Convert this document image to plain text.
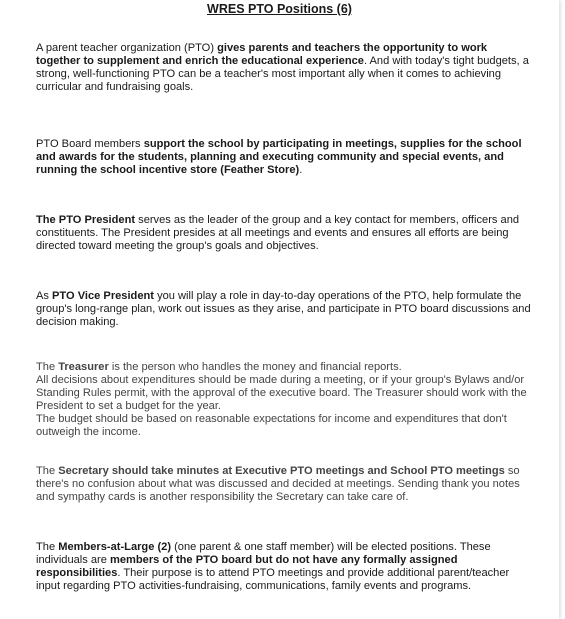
WRES PTO Positions (6)

A parent teacher organization (PTO) gives parents and teachers the opportunity to work together to supplement and enrich the educational experience. And with today's tight budgets, a strong, well-functioning PTO can be a teacher's most important ally when it comes to achieving curricular and fundraising goals.

PTO Board members support the school by participating in meetings, supplies for the school and awards for the students, planning and executing community and special events, and running the school incentive store (Feather Store).

The PTO President serves as the leader of the group and a key contact for members, officers and constituents. The President presides at all meetings and events and ensures all efforts are being directed toward meeting the group's goals and objectives.

As PTO Vice President you will play a role in day-to-day operations of the PTO, help formulate the group's long-range plan, work out issues as they arise, and participate in PTO board discussions and decision making.

The Treasurer is the person who handles the money and financial reports.
All decisions about expenditures should be made during a meeting, or if your group's Bylaws and/or Standing Rules permit, with the approval of the executive board. The Treasurer should work with the President to set a budget for the year.
The budget should be based on reasonable expectations for income and expenditures that don't outweigh the income.

The Secretary should take minutes at Executive PTO meetings and School PTO meetings so there's no confusion about what was discussed and decided at meetings. Sending thank you notes and sympathy cards is another responsibility the Secretary can take care of.

The Members-at-Large (2) (one parent & one staff member) will be elected positions. These individuals are members of the PTO board but do not have any formally assigned responsibilities. Their purpose is to attend PTO meetings and provide additional parent/teacher input regarding PTO activities-fundraising, communications, family events and programs.
